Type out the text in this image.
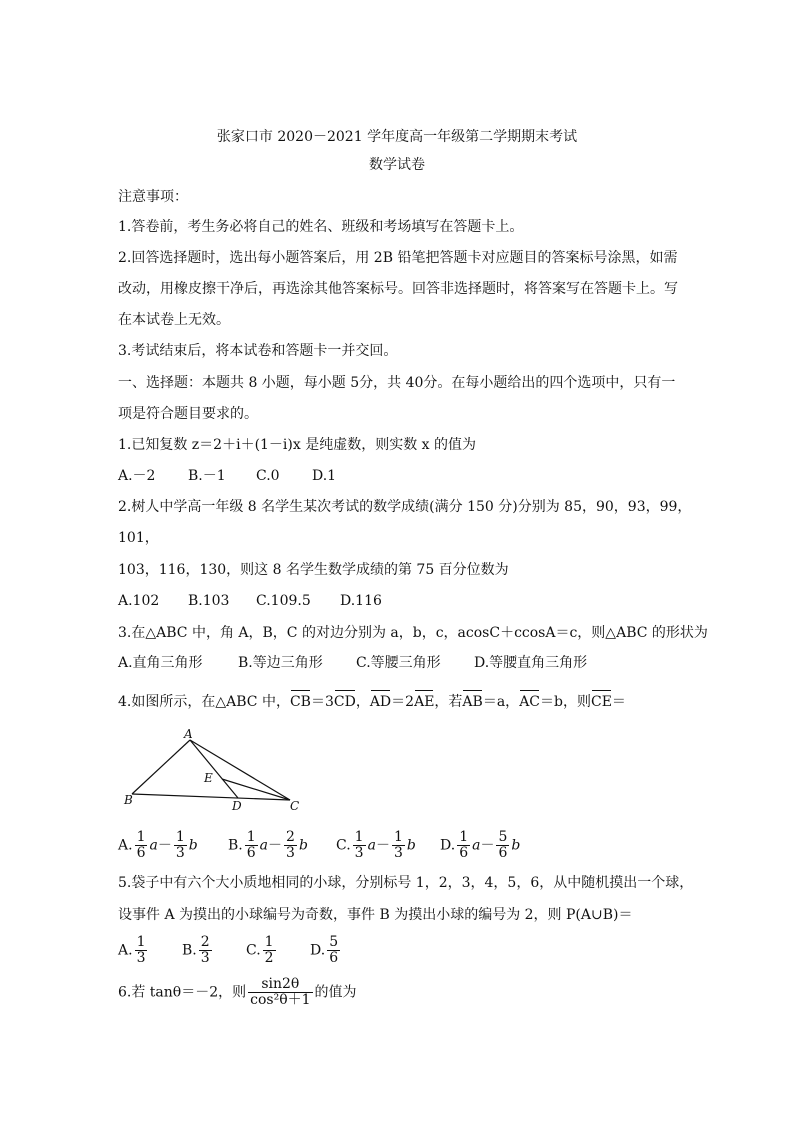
张家口市 2020－2021 学年度高一年级第二学期期末考试
数学试卷
注意事项：
1.答卷前，考生务必将自己的姓名、班级和考场填写在答题卡上。
2.回答选择题时，选出每小题答案后，用 2B 铅笔把答题卡对应题目的答案标号涂黑，如需
改动，用橡皮擦干净后，再选涂其他答案标号。回答非选择题时，将答案写在答题卡上。写
在本试卷上无效。
3.考试结束后，将本试卷和答题卡一并交回。
一、选择题：本题共 8 小题，每小题 5分，共 40分。在每小题给出的四个选项中，只有一
项是符合题目要求的。
1.已知复数 z＝2＋i＋(1－i)x 是纯虚数，则实数 x 的值为
A.－2 B.－1 C.0 D.1
2.树人中学高一年级 8 名学生某次考试的数学成绩(满分 150 分)分别为 85，90，93，99，
101，
103，116，130，则这 8 名学生数学成绩的第 75 百分位数为
A.102 B.103 C.109.5 D.116
3.在△ABC 中，角 A，B，C 的对边分别为 a，b，c，acosC＋ccosA＝c，则△ABC 的形状为
A.直角三角形	B.等边三角形 C.等腰三角形 D.等腰直角三角形
4.如图所示，在△ABC 中，CB＝3CD，AD＝2AE，若AB＝a，AC＝b，则CE＝
A
B	C
D
E
A. $\frac{1}{6} a- \frac{1}{3}$ b B. $\frac{1}{6} a- \frac{2}{3}$ b C. $\frac{1}{3} a- \frac{1}{3}$ b D. $\frac{1}{6} a- \frac{5}{6}$ b
5.袋子中有六个大小质地相同的小球，分别标号 1，2，3，4，5，6，从中随机摸出一个球，
设事件 A 为摸出的小球编号为奇数，事件 B 为摸出小球的编号为 2，则 P(A∪B)＝
A. $\frac{1}{3} B$. $\frac{2}{3} C$. $\frac{1}{2} D$. $\frac{5}{6}$
6.若 tanθ＝－2，则 $\frac{\sin 2\theta}{\text{cos²θ＋1}}$ 的值为
